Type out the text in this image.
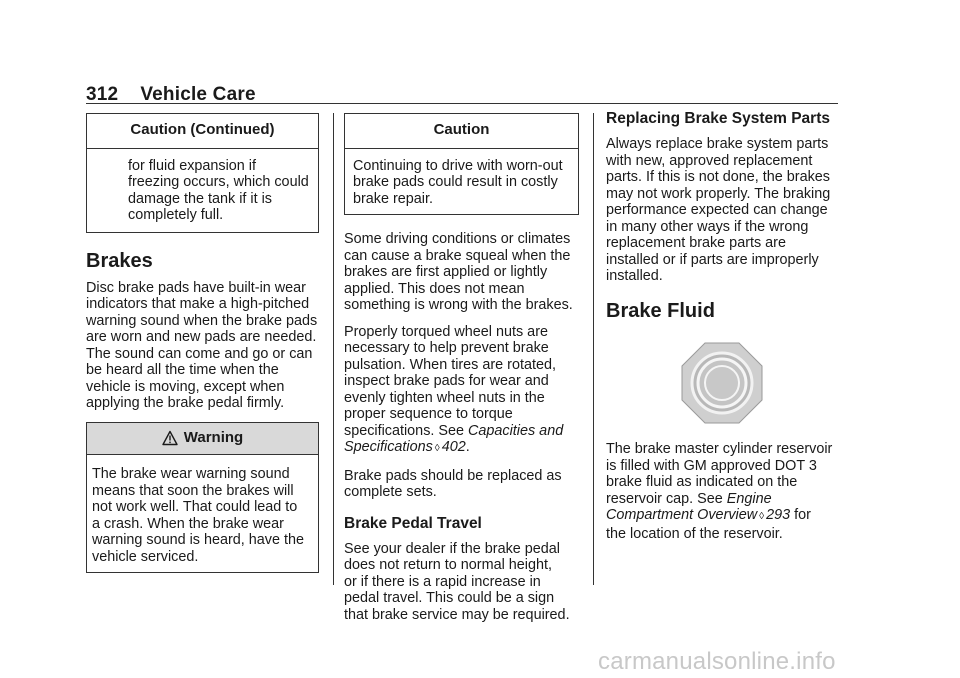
312 Vehicle Care
Caution (Continued)
for fluid expansion if
freezing occurs, which could
damage the tank if it is
completely full.
Brakes

Disc brake pads have built-in wear
indicators that make a high-pitched
warning sound when the brake pads
are worn and new pads are needed.
The sound can come and go or can
be heard all the time when the
vehicle is moving, except when
applying the brake pedal firmly.

Warning
The brake wear warning sound
means that soon the brakes will
not work well. That could lead to
a crash. When the brake wear
warning sound is heard, have the
vehicle serviced.
Caution
Continuing to drive with worn-out
brake pads could result in costly
brake repair.

Some driving conditions or climates
can cause a brake squeal when the
brakes are first applied or lightly
applied. This does not mean
something is wrong with the brakes.

Properly torqued wheel nuts are
necessary to help prevent brake
pulsation. When tires are rotated,
inspect brake pads for wear and
evenly tighten wheel nuts in the
proper sequence to torque
specifications. See Capacities and
Specifications ◊ 402.

Brake pads should be replaced as
complete sets.

Brake Pedal Travel

See your dealer if the brake pedal
does not return to normal height,
or if there is a rapid increase in
pedal travel. This could be a sign
that brake service may be required.

Replacing Brake System Parts

Always replace brake system parts
with new, approved replacement
parts. If this is not done, the brakes
may not work properly. The braking
performance expected can change
in many other ways if the wrong
replacement brake parts are
installed or if parts are improperly
installed.

Brake Fluid

The brake master cylinder reservoir
is filled with GM approved DOT 3
brake fluid as indicated on the
reservoir cap. See Engine
Compartment Overview ◊ 293 for
the location of the reservoir.

carmanualsonline.info
